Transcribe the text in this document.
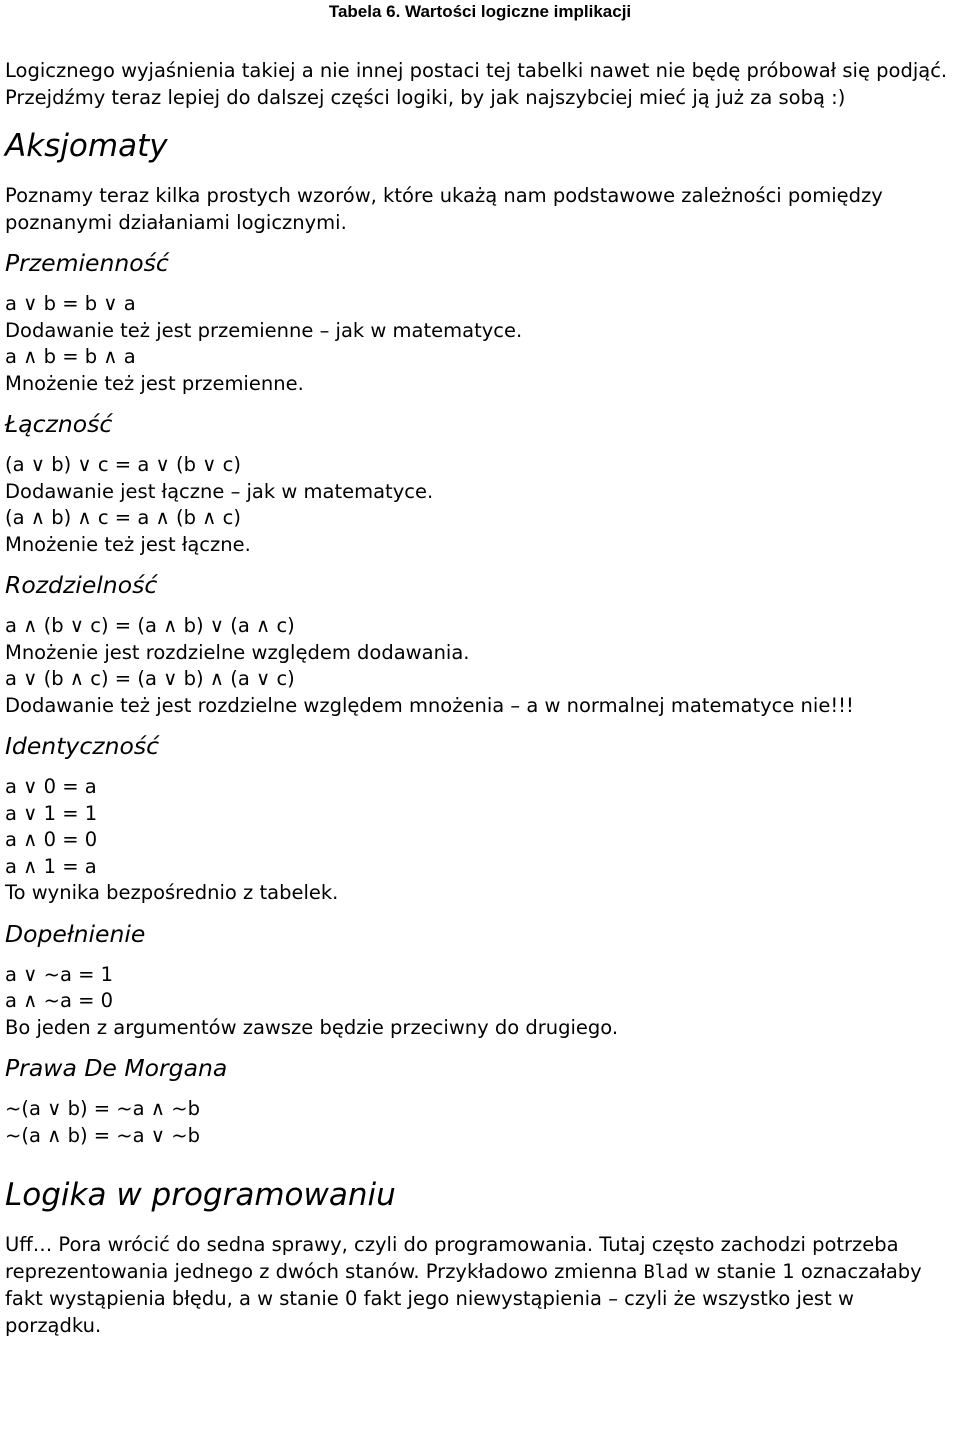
Tabela 6. Wartości logiczne implikacji

Logicznego wyjaśnienia takiej a nie innej postaci tej tabelki nawet nie będę próbował się podjąć. Przejdźmy teraz lepiej do dalszej części logiki, by jak najszybciej mieć ją już za sobą :)

Aksjomaty

Poznamy teraz kilka prostych wzorów, które ukażą nam podstawowe zależności pomiędzy poznanymi działaniami logicznymi.

Przemienność

a ∨ b = b ∨ a

Dodawanie też jest przemienne – jak w matematyce.

a ∧ b = b ∧ a

Mnożenie też jest przemienne.

Łączność

(a ∨ b) ∨ c = a ∨ (b ∨ c)

Dodawanie jest łączne – jak w matematyce.

(a ∧ b) ∧ c = a ∧ (b ∧ c)

Mnożenie też jest łączne.

Rozdzielność

a ∧ (b ∨ c) = (a ∧ b) ∨ (a ∧ c)

Mnożenie jest rozdzielne względem dodawania.

a ∨ (b ∧ c) = (a ∨ b) ∧ (a ∨ c)

Dodawanie też jest rozdzielne względem mnożenia – a w normalnej matematyce nie!!!

Identyczność

a ∨ 0 = a

a ∨ 1 = 1

a ∧ 0 = 0

a ∧ 1 = a

To wynika bezpośrednio z tabelek.

Dopełnienie

a ∨ ~a = 1

a ∧ ~a = 0

Bo jeden z argumentów zawsze będzie przeciwny do drugiego.

Prawa De Morgana

~(a ∨ b) = ~a ∧ ~b

~(a ∧ b) = ~a ∨ ~b

Logika w programowaniu

Uff… Pora wrócić do sedna sprawy, czyli do programowania. Tutaj często zachodzi potrzeba reprezentowania jednego z dwóch stanów. Przykładowo zmienna Blad w stanie 1 oznaczałaby fakt wystąpienia błędu, a w stanie 0 fakt jego niewystąpienia – czyli że wszystko jest w porządku.
